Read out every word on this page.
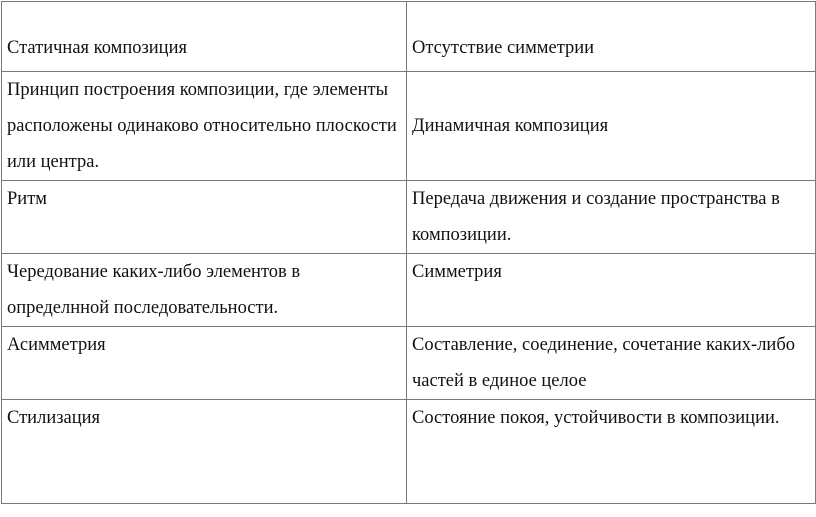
Статичная композиция	Отсутствие симметрии
Принцип построения композиции, где элементы расположены одинаково относительно плоскости или центра.	Динамичная композиция
Ритм	Передача движения и создание пространства в композиции.
Чередование каких-либо элементов в определнной последовательности.	Симметрия
Асимметрия	Составление, соединение, сочетание каких-либо частей в единое целое
Стилизация	Состояние покоя, устойчивости в композиции.
